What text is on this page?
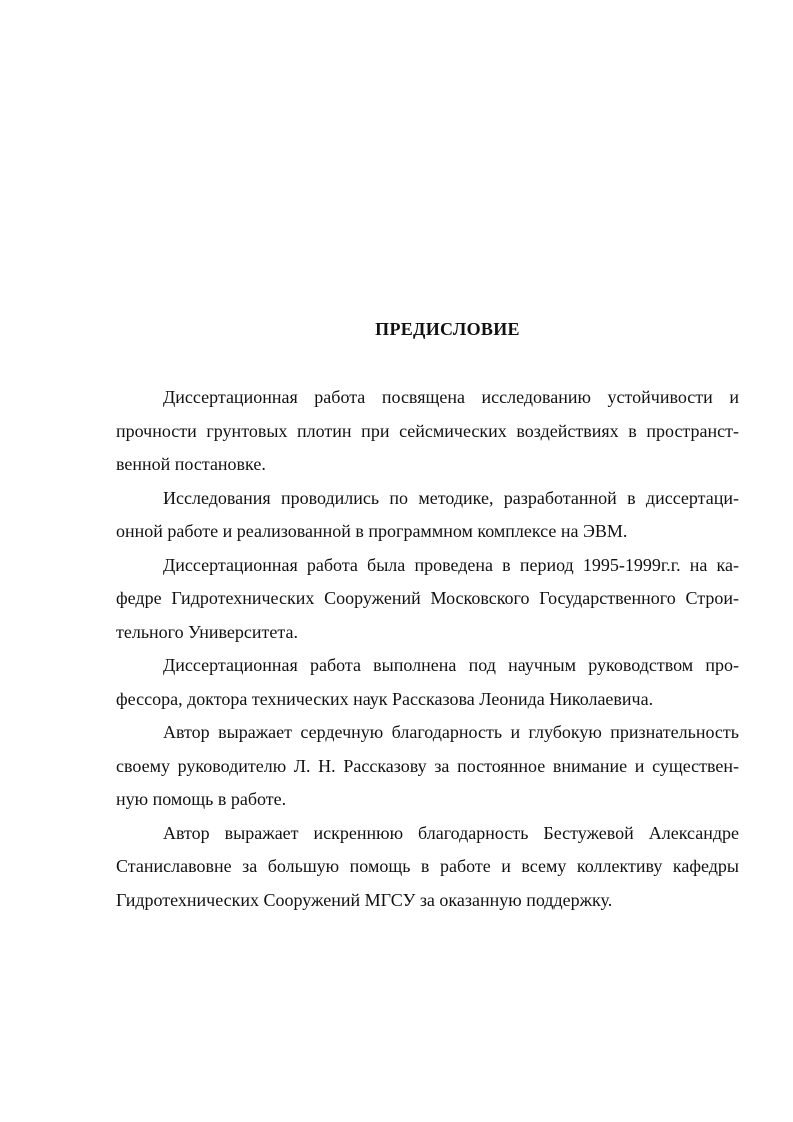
ПРЕДИСЛОВИЕ

Диссертационная работа посвящена исследованию устойчивости и прочности грунтовых плотин при сейсмических воздействиях в пространст-венной постановке.

Исследования проводились по методике, разработанной в диссертаци-онной работе и реализованной в программном комплексе на ЭВМ.

Диссертационная работа была проведена в период 1995-1999г.г. на ка-федре Гидротехнических Сооружений Московского Государственного Строи-тельного Университета.

Диссертационная работа выполнена под научным руководством про-фессора, доктора технических наук Рассказова Леонида Николаевича.

Автор выражает сердечную благодарность и глубокую признательность своему руководителю Л. Н. Рассказову за постоянное внимание и существен-ную помощь в работе.

Автор выражает искреннюю благодарность Бестужевой Александре Станиславовне за большую помощь в работе и всему коллективу кафедры Гидротехнических Сооружений МГСУ за оказанную поддержку.
